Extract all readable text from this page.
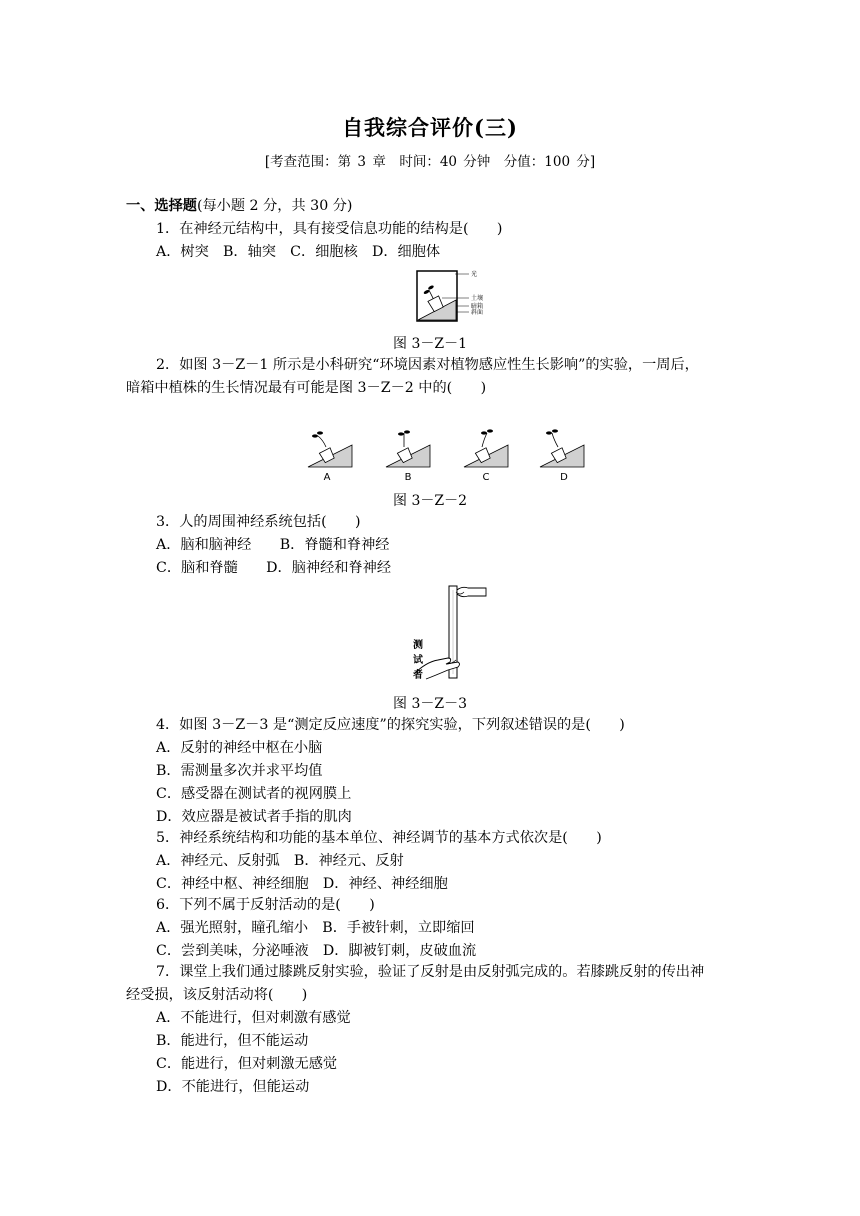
自我综合评价(三)
[考查范围：第 3 章　时间：40 分钟　分值：100 分]
一、选择题(每小题 2 分，共 30 分)
1．在神经元结构中，具有接受信息功能的结构是(　　)
A．树突　B．轴突　C．细胞核　D．细胞体
光
土壤
暗箱
斜面
图 3－Z－1
2．如图 3－Z－1 所示是小科研究“环境因素对植物感应性生长影响”的实验，一周后，
暗箱中植株的生长情况最有可能是图 3－Z－2 中的(　　)
A	B	C	D
图 3－Z－2
3．人的周围神经系统包括(　　)
A．脑和脑神经　　B．脊髓和脊神经
C．脑和脊髓　　D．脑神经和脊神经
测
试
者
图 3－Z－3
4．如图 3－Z－3 是“测定反应速度”的探究实验，下列叙述错误的是(　　)
A．反射的神经中枢在小脑
B．需测量多次并求平均值
C．感受器在测试者的视网膜上
D．效应器是被试者手指的肌肉
5．神经系统结构和功能的基本单位、神经调节的基本方式依次是(　　)
A．神经元、反射弧　B．神经元、反射
C．神经中枢、神经细胞　D．神经、神经细胞
6．下列不属于反射活动的是(　　)
A．强光照射，瞳孔缩小　B．手被针刺，立即缩回
C．尝到美味，分泌唾液　D．脚被钉刺，皮破血流
7．课堂上我们通过膝跳反射实验，验证了反射是由反射弧完成的。若膝跳反射的传出神
经受损，该反射活动将(　　)
A．不能进行，但对刺激有感觉
B．能进行，但不能运动
C．能进行，但对刺激无感觉
D．不能进行，但能运动
